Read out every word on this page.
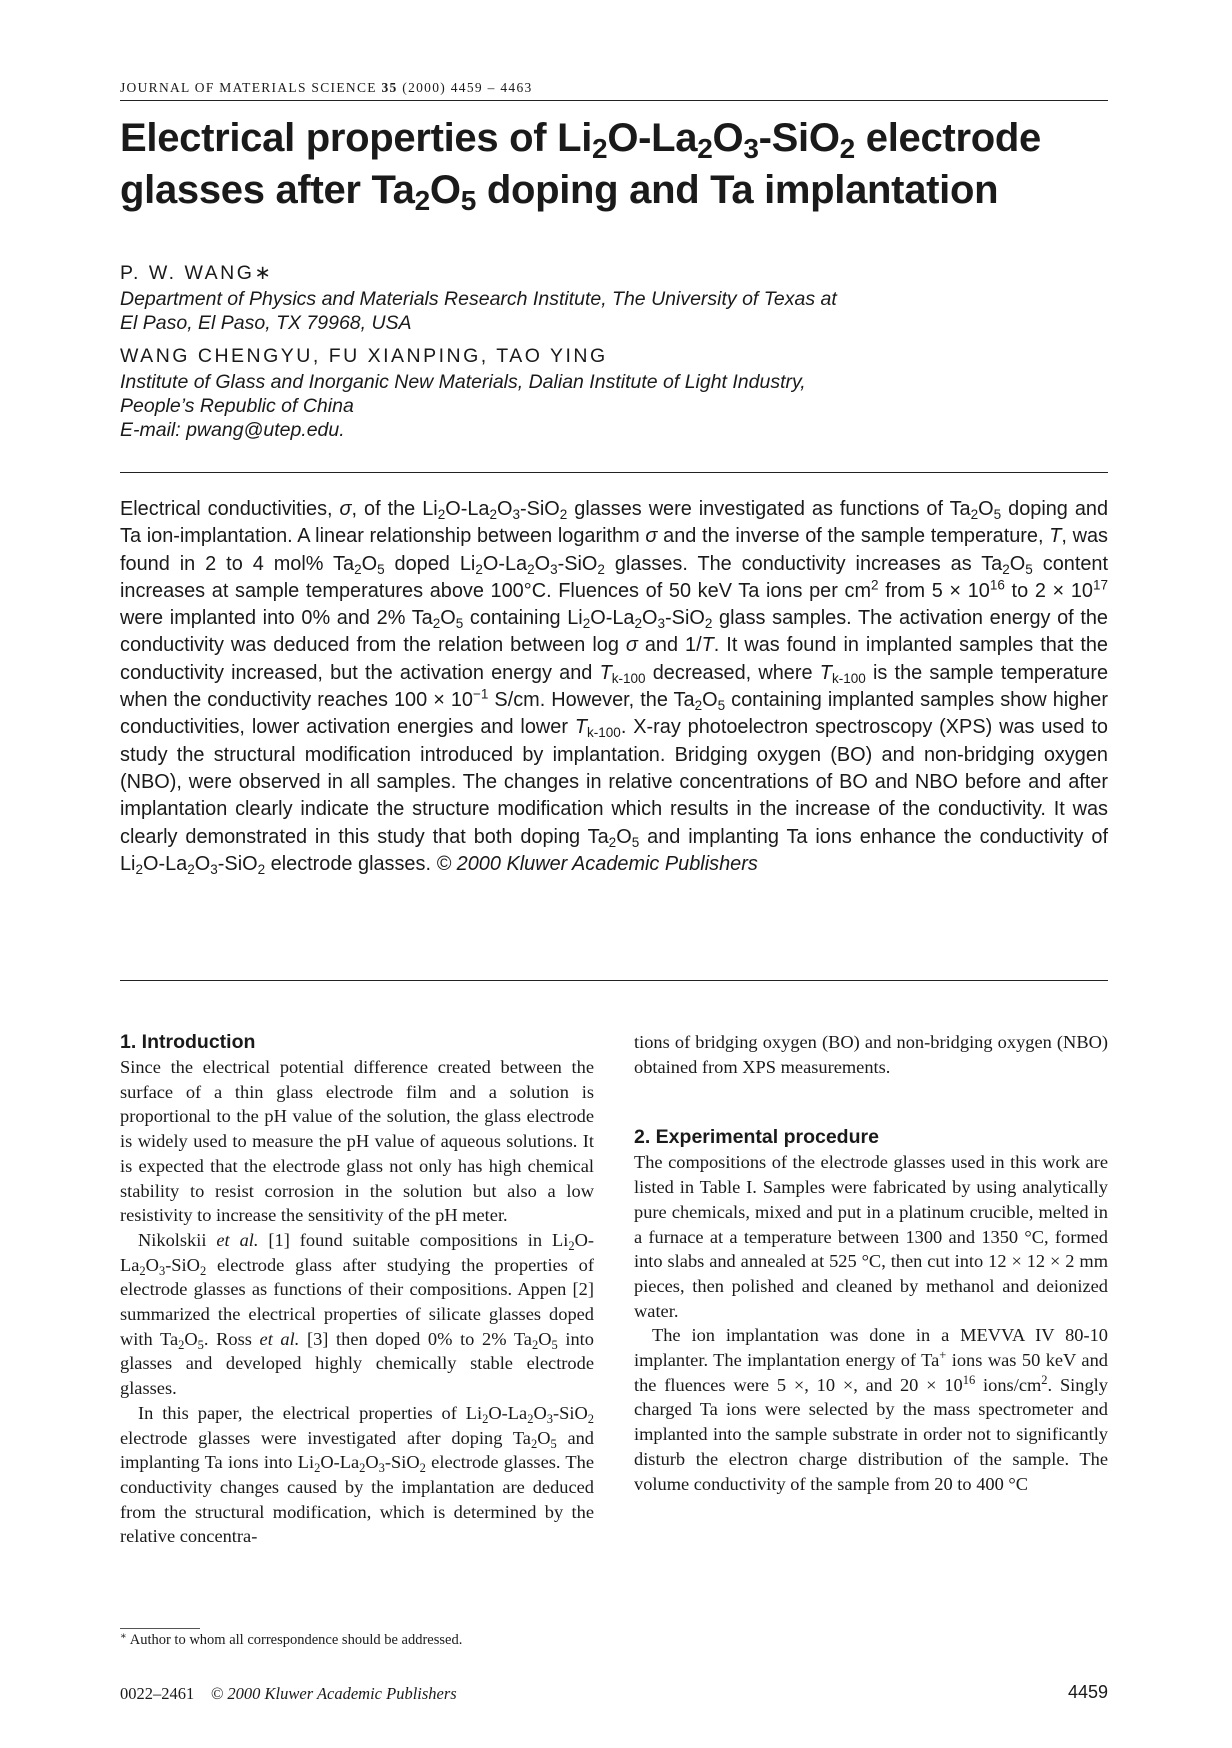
JOURNAL OF MATERIALS SCIENCE 35 (2000) 4459 – 4463
Electrical properties of $Li_2O-La_2O_3-SiO_2$ electrode
glasses after $Ta_2O_5$ doping and Ta implantation

P. W. WANG∗

Department of Physics and Materials Research Institute, The University of Texas at
El Paso, El Paso, TX 79968, USA

WANG CHENGYU, FU XIANPING, TAO YING

Institute of Glass and Inorganic New Materials, Dalian Institute of Light Industry,
People’s Republic of China
E-mail: pwang@utep.edu.

Electrical conductivities, σ, of the $Li_2O-La_2O_3-SiO_2$ glasses were investigated as functions of $Ta_2O_5$ doping and Ta ion-implantation. A linear relationship between logarithm σ and the inverse of the sample temperature, T, was found in 2 to 4 mol% $Ta_2O_5$ doped $Li_2O-La_2O_3-SiO_2$ glasses. The conductivity increases as $Ta_2O_5$ content increases at sample temperatures above 100°C. Fluences of 50 keV Ta ions per $cm^2$ from $5 \times 10^{16}$ to $2 \times 10^{17}$ were implanted into 0% and 2% $Ta_2O_5$ containing $Li_2O-La_2O_3-SiO_2$ glass samples. The activation energy of the conductivity was deduced from the relation between log σ and 1/T. It was found in implanted samples that the conductivity increased, but the activation energy and $T_{k-100}$ decreased, where $T_{k-100}$ is the sample temperature when the conductivity reaches $100 \times 10^{-1}$ S/cm. However, the $Ta_2O_5$ containing implanted samples show higher conductivities, lower activation energies and lower $T_{k-100}$. X-ray photoelectron spectroscopy (XPS) was used to study the structural modification introduced by implantation. Bridging oxygen (BO) and non-bridging oxygen (NBO), were observed in all samples. The changes in relative concentrations of BO and NBO before and after implantation clearly indicate the structure modification which results in the increase of the conductivity. It was clearly demonstrated in this study that both doping $Ta_2O_5$ and implanting Ta ions enhance the conductivity of $Li_2O-La_2O_3-SiO_2$ electrode glasses. © 2000 Kluwer Academic Publishers
1. Introduction

Since the electrical potential difference created between the surface of a thin glass electrode film and a solution is proportional to the pH value of the solution, the glass electrode is widely used to measure the pH value of aqueous solutions. It is expected that the electrode glass not only has high chemical stability to resist corrosion in the solution but also a low resistivity to increase the sensitivity of the pH meter.

Nikolskii et al. [1] found suitable compositions in $Li_2O-La_2O_3-SiO_2$ electrode glass after studying the properties of electrode glasses as functions of their compositions. Appen [2] summarized the electrical properties of silicate glasses doped with $Ta_2O_5$. Ross et al. [3] then doped 0% to 2% $Ta_2O_5$ into glasses and developed highly chemically stable electrode glasses.

In this paper, the electrical properties of $Li_2O-La_2O_3-SiO_2$ electrode glasses were investigated after doping $Ta_2O_5$ and implanting Ta ions into $Li_2O-La_2O_3-SiO_2$ electrode glasses. The conductivity changes caused by the implantation are deduced from the structural modification, which is determined by the relative concentra-

tions of bridging oxygen (BO) and non-bridging oxygen (NBO) obtained from XPS measurements.

2. Experimental procedure

The compositions of the electrode glasses used in this work are listed in Table I. Samples were fabricated by using analytically pure chemicals, mixed and put in a platinum crucible, melted in a furnace at a temperature between 1300 and 1350 °C, formed into slabs and annealed at 525 °C, then cut into 12 × 12 × 2 mm pieces, then polished and cleaned by methanol and deionized water.

The ion implantation was done in a MEVVA IV 80-10 implanter. The implantation energy of Ta+ ions was 50 keV and the fluences were 5 ×, 10 ×, and $20 \times 10^{16}$ ions/$cm^2$. Singly charged Ta ions were selected by the mass spectrometer and implanted into the sample substrate in order not to significantly disturb the electron charge distribution of the sample. The volume conductivity of the sample from 20 to 400 °C

∗ Author to whom all correspondence should be addressed.
0022–2461 © 2000 Kluwer Academic Publishers	4459
